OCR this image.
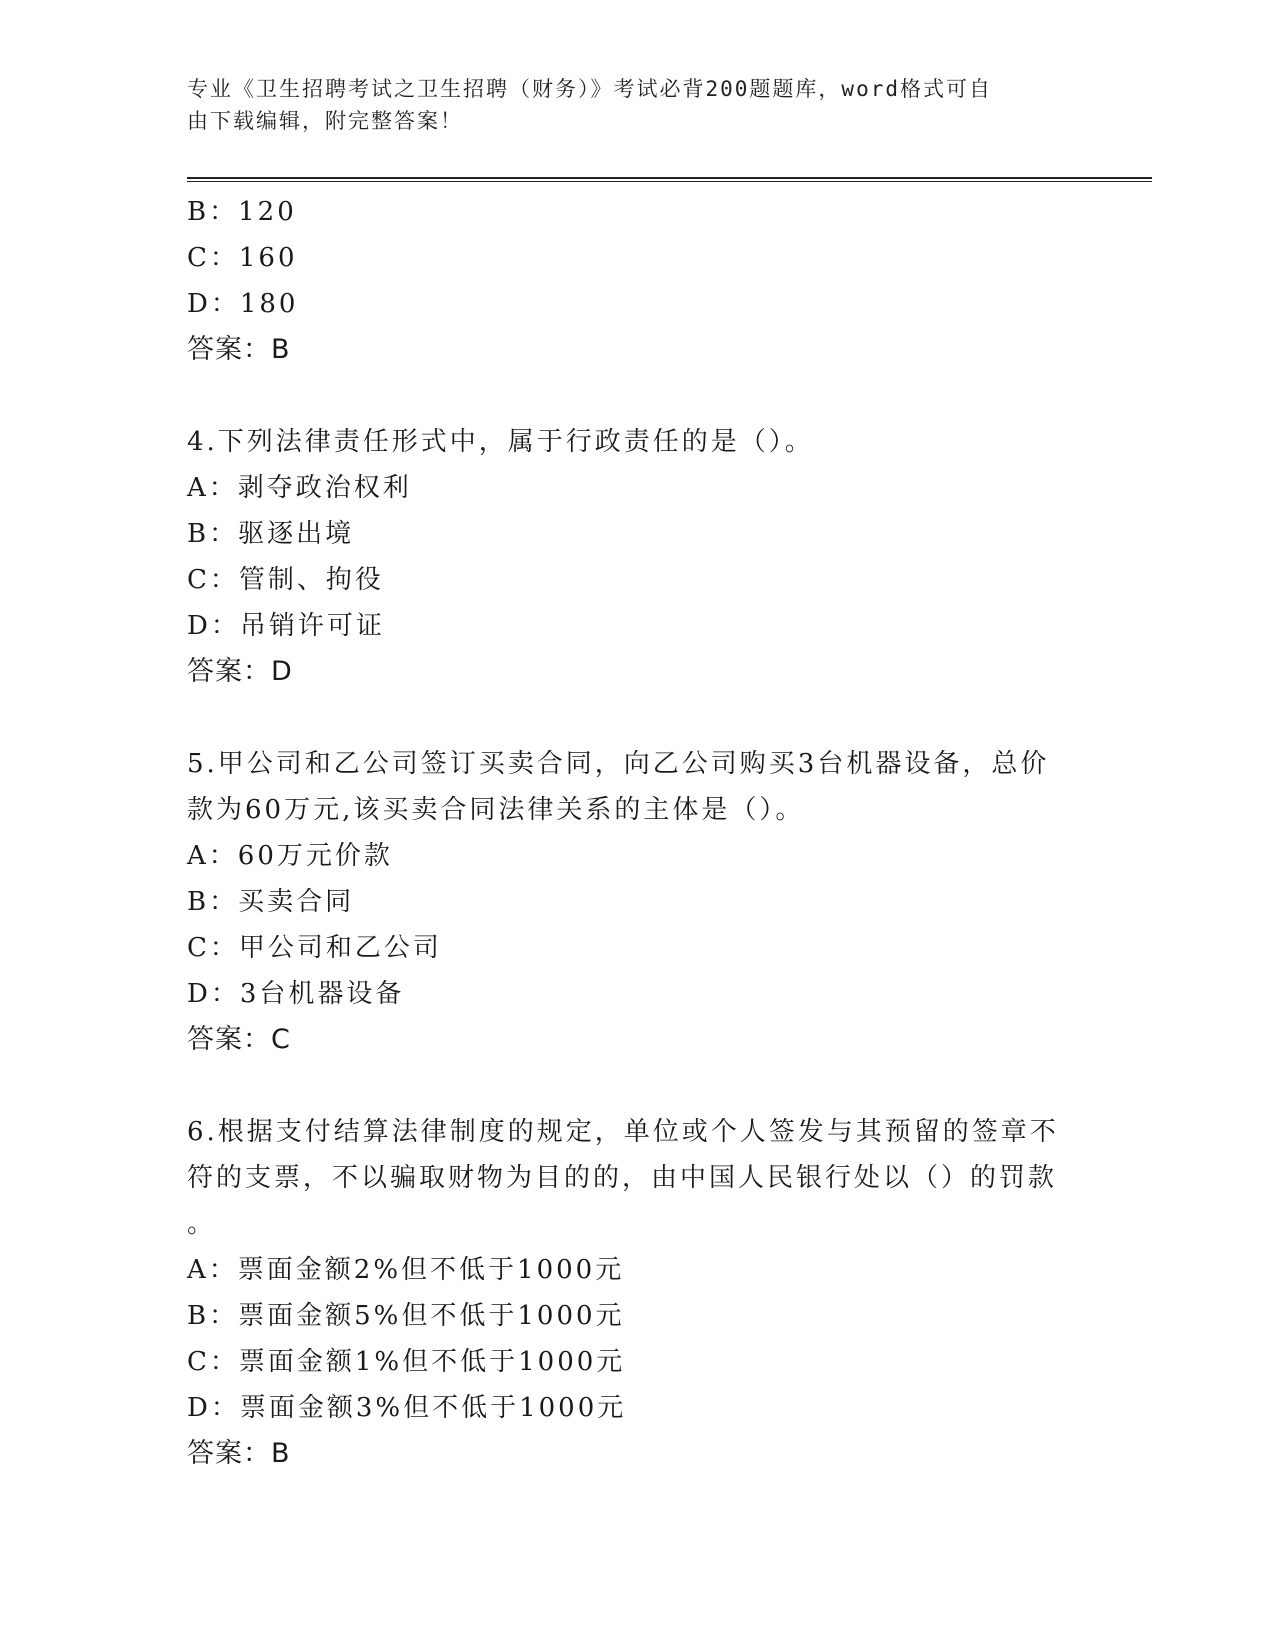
专业《卫生招聘考试之卫生招聘（财务）》考试必背200题题库，word格式可自
由下载编辑，附完整答案！
B：120
C：160
D：180
答案：B
4.下列法律责任形式中，属于行政责任的是（）。
A：剥夺政治权利
B：驱逐出境
C：管制、拘役
D：吊销许可证
答案：D
5.甲公司和乙公司签订买卖合同，向乙公司购买3台机器设备，总价
款为60万元,该买卖合同法律关系的主体是（）。
A：60万元价款
B：买卖合同
C：甲公司和乙公司
D：3台机器设备
答案：C
6.根据支付结算法律制度的规定，单位或个人签发与其预留的签章不
符的支票，不以骗取财物为目的的，由中国人民银行处以（）的罚款
。
A：票面金额2%但不低于1000元
B：票面金额5%但不低于1000元
C：票面金额1%但不低于1000元
D：票面金额3%但不低于1000元
答案：B
